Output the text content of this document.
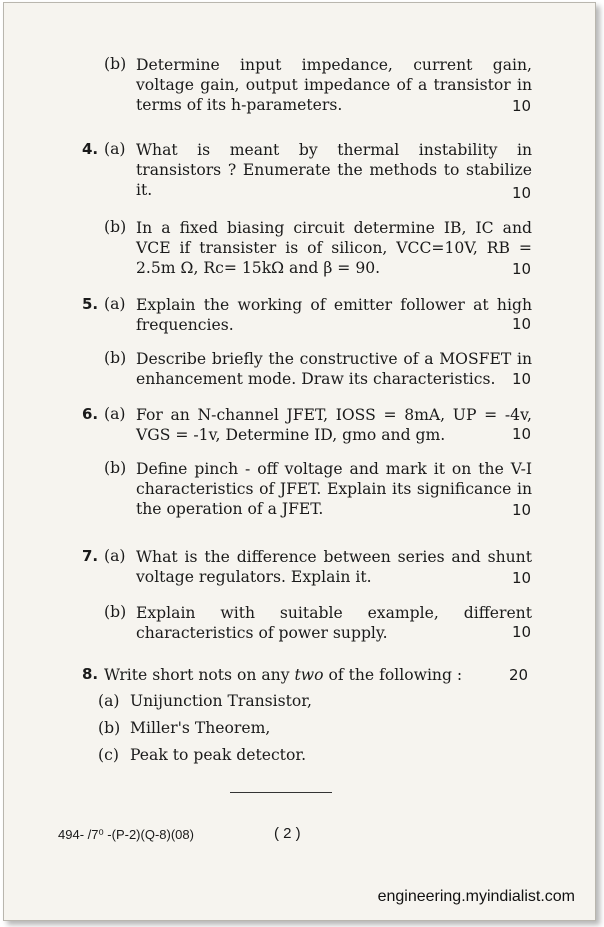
(b) Determine input impedance, current gain, voltage gain, output impedance of a transistor in terms of its h-parameters.	10
4. (a) What is meant by thermal instability in transistors ? Enumerate the methods to stabilize it.	10
(b) In a fixed biasing circuit determine IB, IC and VCE if transister is of silicon, VCC=10V, RB = 2.5m Ω, Rc= 15kΩ and β = 90.	10
5. (a) Explain the working of emitter follower at high frequencies.	10
(b) Describe briefly the constructive of a MOSFET in enhancement mode. Draw its characteristics.	10
6. (a) For an N-channel JFET, IOSS = 8mA, UP = -4v, VGS = -1v, Determine ID, gmo and gm.	10
(b) Define pinch - off voltage and mark it on the V-I characteristics of JFET. Explain its significance in the operation of a JFET.	10
7. (a) What is the difference between series and shunt voltage regulators. Explain it.	10
(b) Explain with suitable example, different characteristics of power supply.	10
8. Write short nots on any two of the following :	20
(a) Unijunction Transistor,
(b) Miller's Theorem,
(c) Peak to peak detector.
494- /7⁰ -(P-2)(Q-8)(08)	( 2 )
engineering.myindialist.com
